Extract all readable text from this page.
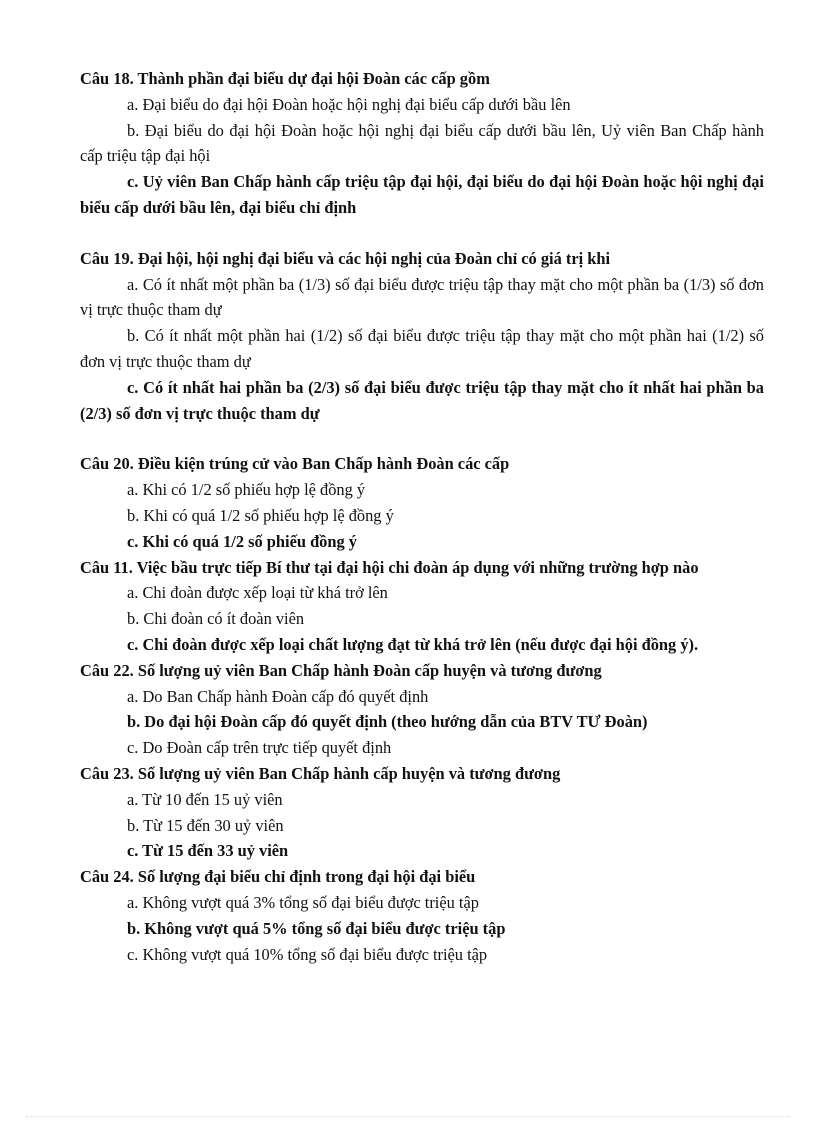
Câu 18. Thành phần đại biểu dự đại hội Đoàn các cấp gồm

a. Đại biểu do đại hội Đoàn hoặc hội nghị đại biểu cấp dưới bầu lên

b. Đại biểu do đại hội Đoàn hoặc hội nghị đại biểu cấp dưới bầu lên, Uỷ viên Ban Chấp hành cấp triệu tập đại hội

c. Uỷ viên Ban Chấp hành cấp triệu tập đại hội, đại biểu do đại hội Đoàn hoặc hội nghị đại biểu cấp dưới bầu lên, đại biểu chỉ định

Câu 19. Đại hội, hội nghị đại biểu và các hội nghị của Đoàn chỉ có giá trị khi

a. Có ít nhất một phần ba (1/3) số đại biểu được triệu tập thay mặt cho một phần ba (1/3) số đơn vị trực thuộc tham dự

b. Có ít nhất một phần hai (1/2) số đại biểu được triệu tập thay mặt cho một phần hai (1/2) số đơn vị trực thuộc tham dự

c. Có ít nhất hai phần ba (2/3) số đại biểu được triệu tập thay mặt cho ít nhất hai phần ba (2/3) số đơn vị trực thuộc tham dự

Câu 20. Điều kiện trúng cử vào Ban Chấp hành Đoàn các cấp

a. Khi có 1/2 số phiếu hợp lệ đồng ý

b. Khi có quá 1/2 số phiếu hợp lệ đồng ý

c. Khi có quá 1/2 số phiếu đồng ý

Câu 11. Việc bầu trực tiếp Bí thư tại đại hội chi đoàn áp dụng với những trường hợp nào

a. Chi đoàn được xếp loại từ khá trở lên

b. Chi đoàn có ít đoàn viên

c. Chi đoàn được xếp loại chất lượng đạt từ khá trở lên (nếu được đại hội đồng ý).

Câu 22. Số lượng uỷ viên Ban Chấp hành Đoàn cấp huyện và tương đương

a. Do Ban Chấp hành Đoàn cấp đó quyết định

b. Do đại hội Đoàn cấp đó quyết định (theo hướng dẫn của BTV TƯ Đoàn)

c. Do Đoàn cấp trên trực tiếp quyết định

Câu 23. Số lượng uỷ viên Ban Chấp hành cấp huyện và tương đương

a. Từ 10 đến 15 uỷ viên

b. Từ 15 đến 30 uỷ viên

c. Từ 15 đến 33 uỷ viên

Câu 24. Số lượng đại biểu chỉ định trong đại hội đại biểu

a. Không vượt quá 3% tổng số đại biểu được triệu tập

b. Không vượt quá 5% tổng số đại biểu được triệu tập

c. Không vượt quá 10% tổng số đại biểu được triệu tập
